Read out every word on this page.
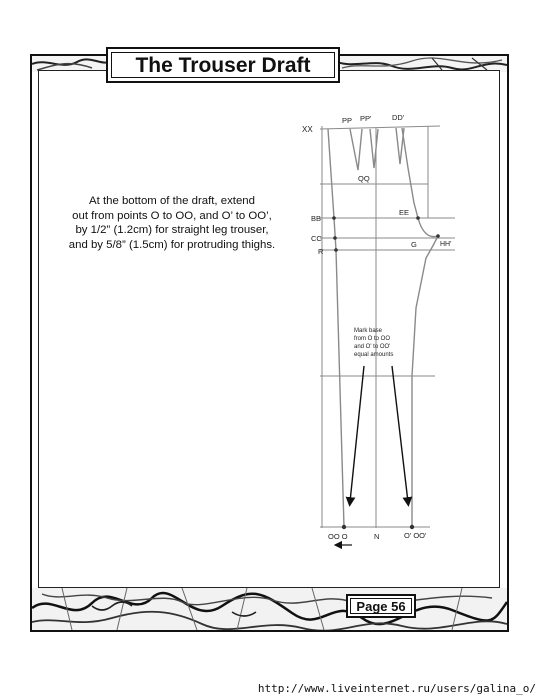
The Trouser Draft
At the bottom of the draft, extend
out from points O to OO, and O’ to OO’,
by 1/2” (1.2cm) for straight leg trouser,
and by 5/8” (1.5cm) for protruding thighs.
XX
PP PP'	DD'
QQ
EE
BB
CC
G	HH'
R
Mark base
from O to OO
and O' to OO'
equal amounts
OO O	N	O' OO'
Page 56
http://www.liveinternet.ru/users/galina_o/
